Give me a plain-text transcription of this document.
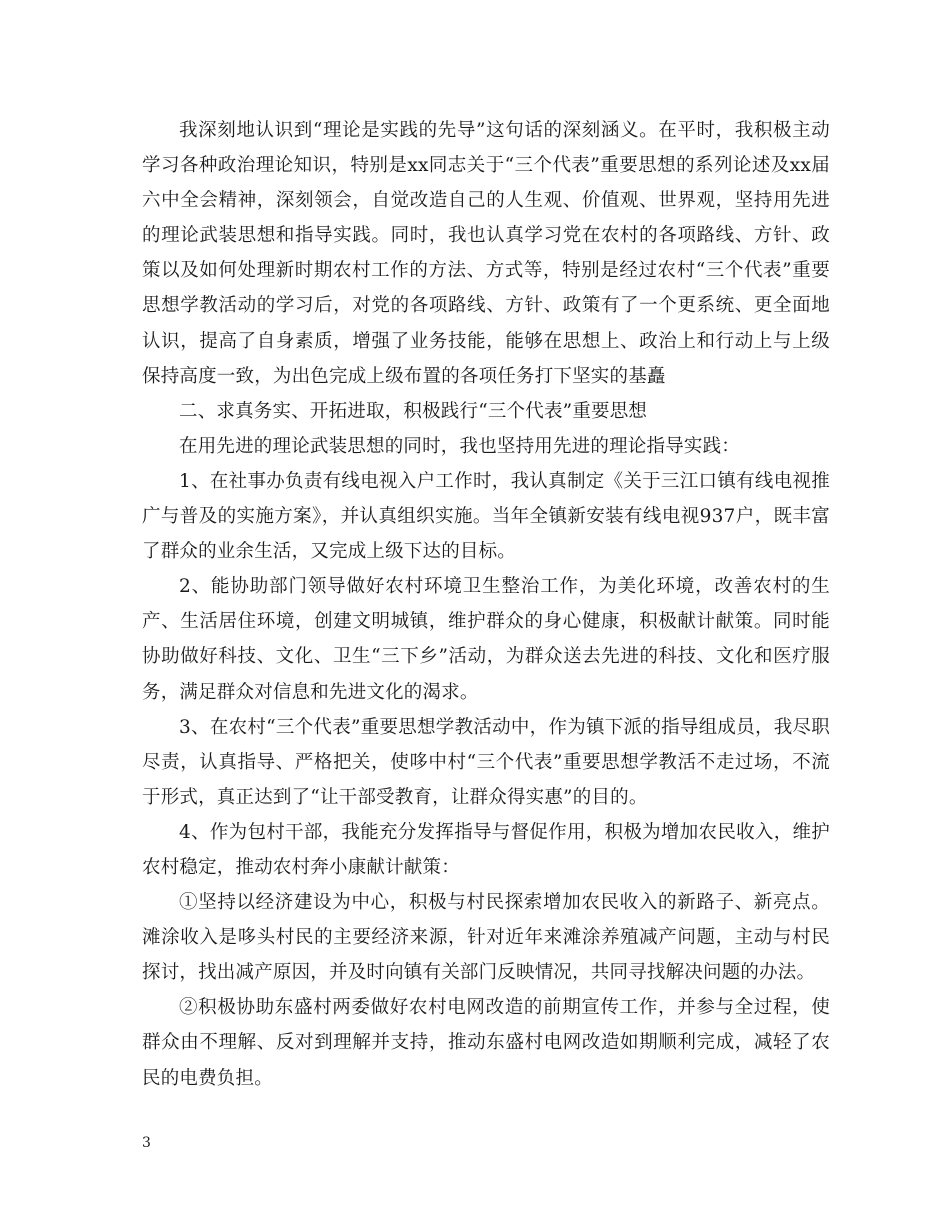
我深刻地认识到“理论是实践的先导”这句话的深刻涵义。在平时，我积极主动学习各种政治理论知识，特别是xx同志关于“三个代表”重要思想的系列论述及xx届六中全会精神，深刻领会，自觉改造自己的人生观、价值观、世界观，坚持用先进的理论武装思想和指导实践。同时，我也认真学习党在农村的各项路线、方针、政策以及如何处理新时期农村工作的方法、方式等，特别是经过农村“三个代表”重要思想学教活动的学习后，对党的各项路线、方针、政策有了一个更系统、更全面地认识，提高了自身素质，增强了业务技能，能够在思想上、政治上和行动上与上级保持高度一致，为出色完成上级布置的各项任务打下坚实的基矗

二、求真务实、开拓进取，积极践行“三个代表”重要思想

在用先进的理论武装思想的同时，我也坚持用先进的理论指导实践：

1、在社事办负责有线电视入户工作时，我认真制定《关于三江口镇有线电视推广与普及的实施方案》，并认真组织实施。当年全镇新安装有线电视937户，既丰富了群众的业余生活，又完成上级下达的目标。

2、能协助部门领导做好农村环境卫生整治工作，为美化环境，改善农村的生产、生活居住环境，创建文明城镇，维护群众的身心健康，积极献计献策。同时能协助做好科技、文化、卫生“三下乡”活动，为群众送去先进的科技、文化和医疗服务，满足群众对信息和先进文化的渴求。

3、在农村“三个代表”重要思想学教活动中，作为镇下派的指导组成员，我尽职尽责，认真指导、严格把关，使哆中村“三个代表”重要思想学教活不走过场，不流于形式，真正达到了“让干部受教育，让群众得实惠”的目的。

4、作为包村干部，我能充分发挥指导与督促作用，积极为增加农民收入，维护农村稳定，推动农村奔小康献计献策：

①坚持以经济建设为中心，积极与村民探索增加农民收入的新路子、新亮点。滩涂收入是哆头村民的主要经济来源，针对近年来滩涂养殖减产问题，主动与村民探讨，找出减产原因，并及时向镇有关部门反映情况，共同寻找解决问题的办法。

②积极协助东盛村两委做好农村电网改造的前期宣传工作，并参与全过程，使群众由不理解、反对到理解并支持，推动东盛村电网改造如期顺利完成，减轻了农民的电费负担。

3
